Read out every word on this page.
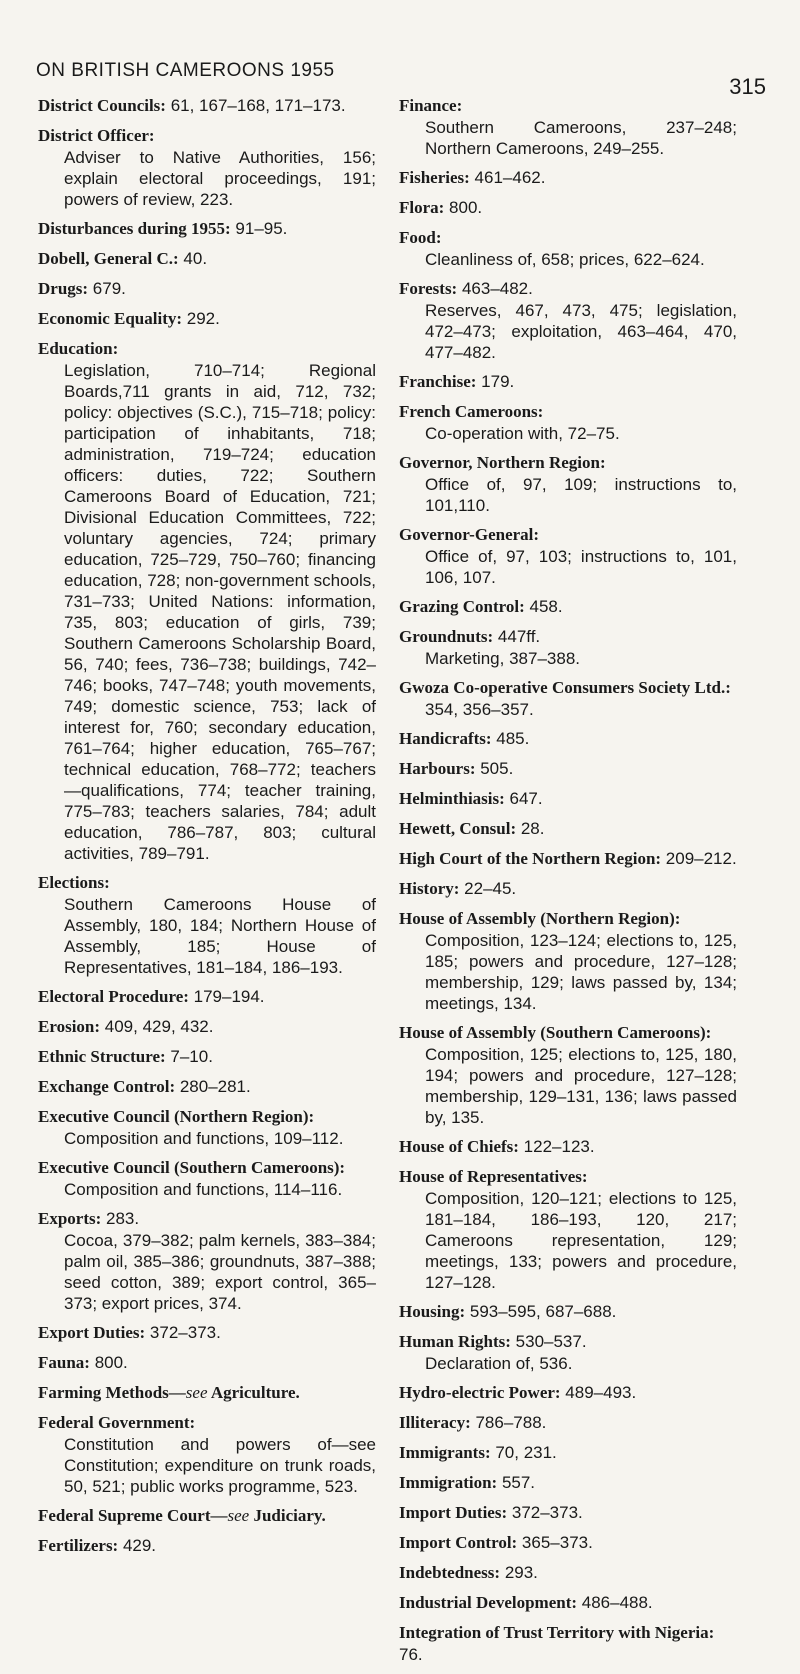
ON BRITISH CAMEROONS 1955
315
District Councils: 61, 167–168, 171–173.
District Officer:
Adviser to Native Authorities, 156; explain electoral proceedings, 191; powers of review, 223.
Disturbances during 1955: 91–95.
Dobell, General C.: 40.
Drugs: 679.
Economic Equality: 292.
Education:
Legislation, 710–714; Regional Boards,711 grants in aid, 712, 732; policy: objectives (S.C.), 715–718; policy: participation of inhabitants, 718; administration, 719–724; education officers: duties, 722; Southern Cameroons Board of Education, 721; Divisional Education Committees, 722; voluntary agencies, 724; primary education, 725–729, 750–760; financing education, 728; non-government schools, 731–733; United Nations: information, 735, 803; education of girls, 739; Southern Cameroons Scholarship Board, 56, 740; fees, 736–738; buildings, 742–746; books, 747–748; youth movements, 749; domestic science, 753; lack of interest for, 760; secondary education, 761–764; higher education, 765–767; technical education, 768–772; teachers—qualifications, 774; teacher training, 775–783; teachers salaries, 784; adult education, 786–787, 803; cultural activities, 789–791.
Elections:
Southern Cameroons House of Assembly, 180, 184; Northern House of Assembly, 185; House of Representatives, 181–184, 186–193.
Electoral Procedure: 179–194.
Erosion: 409, 429, 432.
Ethnic Structure: 7–10.
Exchange Control: 280–281.
Executive Council (Northern Region):
Composition and functions, 109–112.
Executive Council (Southern Cameroons):
Composition and functions, 114–116.
Exports: 283.
Cocoa, 379–382; palm kernels, 383–384; palm oil, 385–386; groundnuts, 387–388; seed cotton, 389; export control, 365–373; export prices, 374.
Export Duties: 372–373.
Fauna: 800.
Farming Methods—see Agriculture.
Federal Government:
Constitution and powers of—see Constitution; expenditure on trunk roads, 50, 521; public works programme, 523.
Federal Supreme Court—see Judiciary.
Fertilizers: 429.
Finance:
Southern Cameroons, 237–248; Northern Cameroons, 249–255.
Fisheries: 461–462.
Flora: 800.
Food:
Cleanliness of, 658; prices, 622–624.
Forests: 463–482.
Reserves, 467, 473, 475; legislation, 472–473; exploitation, 463–464, 470, 477–482.
Franchise: 179.
French Cameroons:
Co-operation with, 72–75.
Governor, Northern Region:
Office of, 97, 109; instructions to, 101,110.
Governor-General:
Office of, 97, 103; instructions to, 101, 106, 107.
Grazing Control: 458.
Groundnuts: 447ff.
Marketing, 387–388.
Gwoza Co-operative Consumers Society Ltd.:
354, 356–357.
Handicrafts: 485.
Harbours: 505.
Helminthiasis: 647.
Hewett, Consul: 28.
High Court of the Northern Region: 209–212.
History: 22–45.
House of Assembly (Northern Region):
Composition, 123–124; elections to, 125, 185; powers and procedure, 127–128; membership, 129; laws passed by, 134; meetings, 134.
House of Assembly (Southern Cameroons):
Composition, 125; elections to, 125, 180, 194; powers and procedure, 127–128; membership, 129–131, 136; laws passed by, 135.
House of Chiefs: 122–123.
House of Representatives:
Composition, 120–121; elections to 125, 181–184, 186–193, 120, 217; Cameroons representation, 129; meetings, 133; powers and procedure, 127–128.
Housing: 593–595, 687–688.
Human Rights: 530–537.
Declaration of, 536.
Hydro-electric Power: 489–493.
Illiteracy: 786–788.
Immigrants: 70, 231.
Immigration: 557.
Import Duties: 372–373.
Import Control: 365–373.
Indebtedness: 293.
Industrial Development: 486–488.
Integration of Trust Territory with Nigeria: 76.
